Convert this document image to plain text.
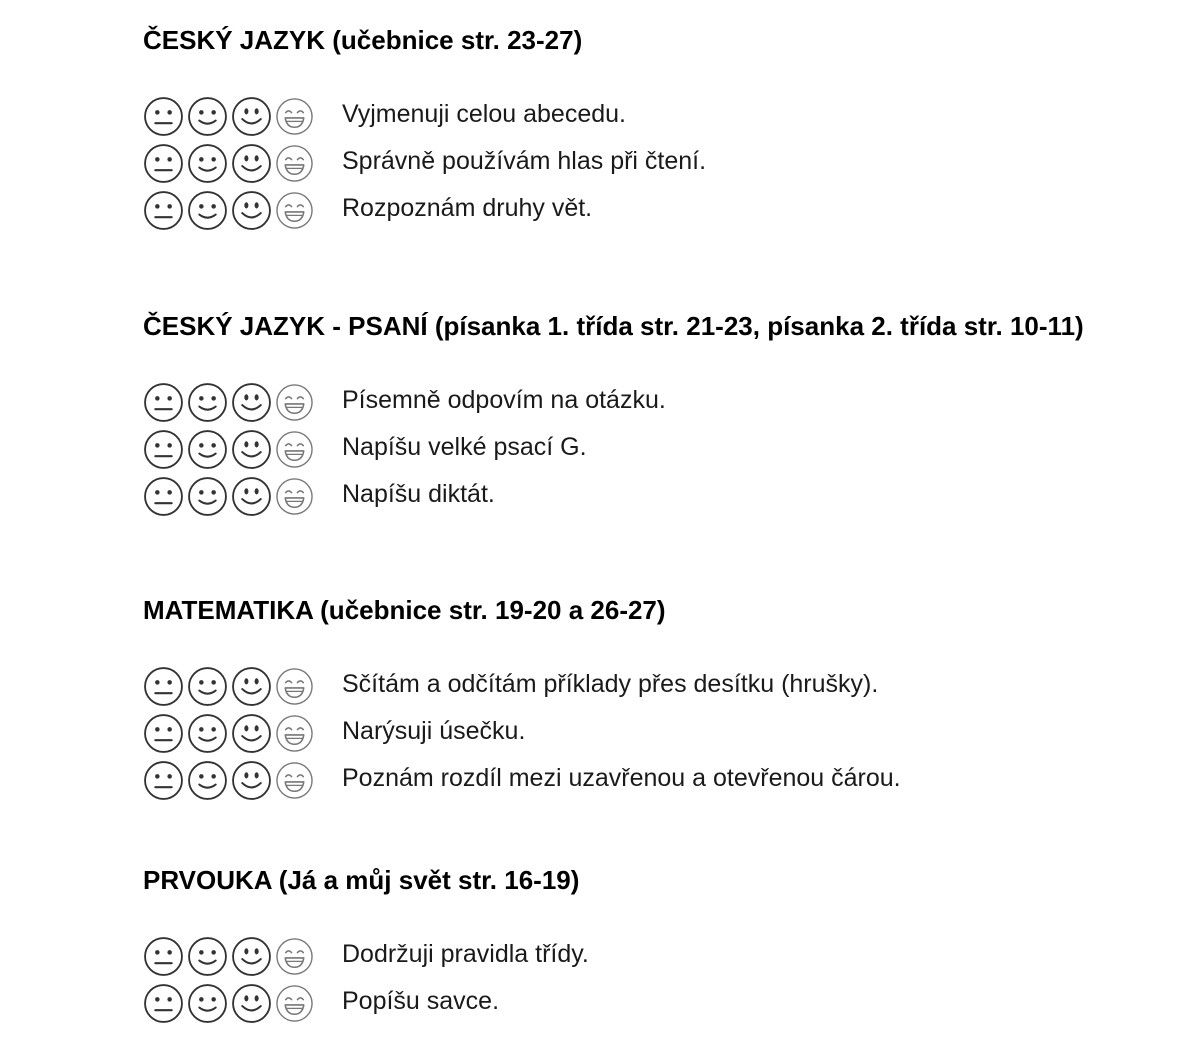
ČESKÝ JAZYK (učebnice str. 23-27)
Vyjmenuji celou abecedu.
Správně používám hlas při čtení.
Rozpoznám druhy vět.
ČESKÝ JAZYK - PSANÍ (písanka 1. třída str. 21-23, písanka 2. třída str. 10-11)
Písemně odpovím na otázku.
Napíšu velké psací G.
Napíšu diktát.
MATEMATIKA (učebnice str. 19-20 a 26-27)
Sčítám a odčítám příklady přes desítku (hrušky).
Narýsuji úsečku.
Poznám rozdíl mezi uzavřenou a otevřenou čárou.
PRVOUKA (Já a můj svět str. 16-19)
Dodržuji pravidla třídy.
Popíšu savce.
